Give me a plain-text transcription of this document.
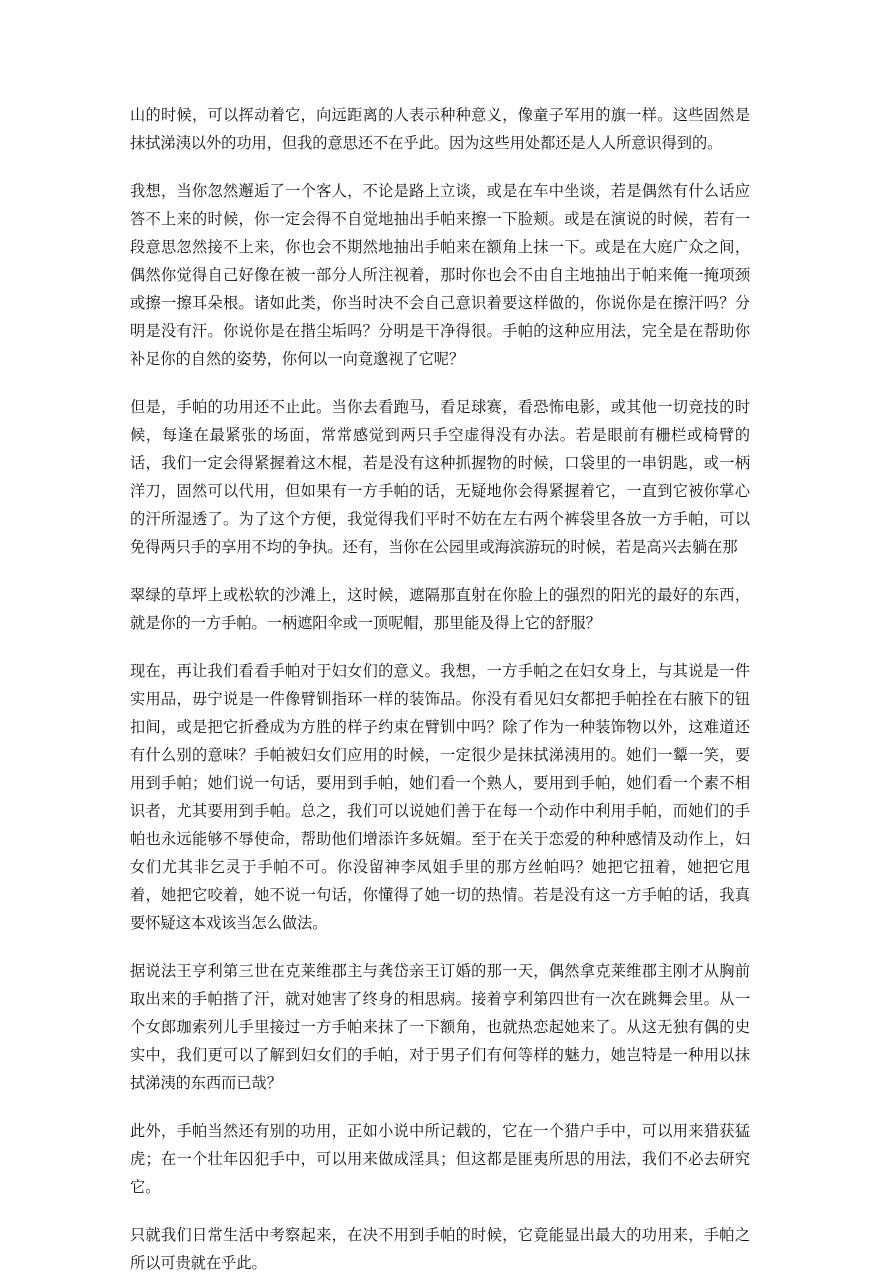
山的时候，可以挥动着它，向远距离的人表示种种意义，像童子军用的旗一样。这些固然是抹拭涕洟以外的功用，但我的意思还不在乎此。因为这些用处都还是人人所意识得到的。

我想，当你忽然邂逅了一个客人，不论是路上立谈，或是在车中坐谈，若是偶然有什么话应答不上来的时候，你一定会得不自觉地抽出手帕来擦一下脸颊。或是在演说的时候，若有一段意思忽然接不上来，你也会不期然地抽出手帕来在额角上抹一下。或是在大庭广众之间，偶然你觉得自己好像在被一部分人所注视着，那时你也会不由自主地抽出于帕来俺一掩项颈或擦一擦耳朵根。诸如此类，你当时决不会自己意识着要这样做的，你说你是在擦汗吗？分明是没有汗。你说你是在揩尘垢吗？分明是干净得很。手帕的这种应用法，完全是在帮助你补足你的自然的姿势，你何以一向竟邈视了它呢？

但是，手帕的功用还不止此。当你去看跑马，看足球赛，看恐怖电影，或其他一切竞技的时候，每逢在最紧张的场面，常常感觉到两只手空虚得没有办法。若是眼前有栅栏或椅臂的话，我们一定会得紧握着这木棍，若是没有这种抓握物的时候，口袋里的一串钥匙，或一柄洋刀，固然可以代用，但如果有一方手帕的话，无疑地你会得紧握着它，一直到它被你掌心的汗所湿透了。为了这个方便，我觉得我们平时不妨在左右两个裤袋里各放一方手帕，可以免得两只手的享用不均的争执。还有，当你在公园里或海滨游玩的时候，若是高兴去躺在那

翠绿的草坪上或松软的沙滩上，这时候，遮隔那直射在你脸上的强烈的阳光的最好的东西，就是你的一方手帕。一柄遮阳伞或一顶呢帽，那里能及得上它的舒服？

现在，再让我们看看手帕对于妇女们的意义。我想，一方手帕之在妇女身上，与其说是一件实用品，毋宁说是一件像臂钏指环一样的装饰品。你没有看见妇女都把手帕拴在右腋下的钮扣间，或是把它折叠成为方胜的样子约束在臂钏中吗？除了作为一种装饰物以外，这难道还有什么别的意味？手帕被妇女们应用的时候，一定很少是抹拭涕洟用的。她们一颦一笑，要用到手帕；她们说一句话，要用到手帕，她们看一个熟人，要用到手帕，她们看一个素不相识者，尤其要用到手帕。总之，我们可以说她们善于在每一个动作中利用手帕，而她们的手帕也永远能够不辱使命，帮助他们增添许多妩媚。至于在关于恋爱的种种感情及动作上，妇女们尤其非乞灵于手帕不可。你没留神李凤姐手里的那方丝帕吗？她把它扭着，她把它甩着，她把它咬着，她不说一句话，你懂得了她一切的热情。若是没有这一方手帕的话，我真要怀疑这本戏该当怎么做法。

据说法王亨利第三世在克莱维郡主与龚岱亲王订婚的那一天，偶然拿克莱维郡主刚才从胸前取出来的手帕揩了汗，就对她害了终身的相思病。接着亨利第四世有一次在跳舞会里。从一个女郎珈索列儿手里接过一方手帕来抹了一下额角，也就热恋起她来了。从这无独有偶的史实中，我们更可以了解到妇女们的手帕，对于男子们有何等样的魅力，她岂特是一种用以抹拭涕洟的东西而已哉？

此外，手帕当然还有别的功用，正如小说中所记载的，它在一个猎户手中，可以用来猎获猛虎；在一个壮年囚犯手中，可以用来做成淫具；但这都是匪夷所思的用法，我们不必去研究它。

只就我们日常生活中考察起来，在决不用到手帕的时候，它竟能显出最大的功用来，手帕之所以可贵就在乎此。
